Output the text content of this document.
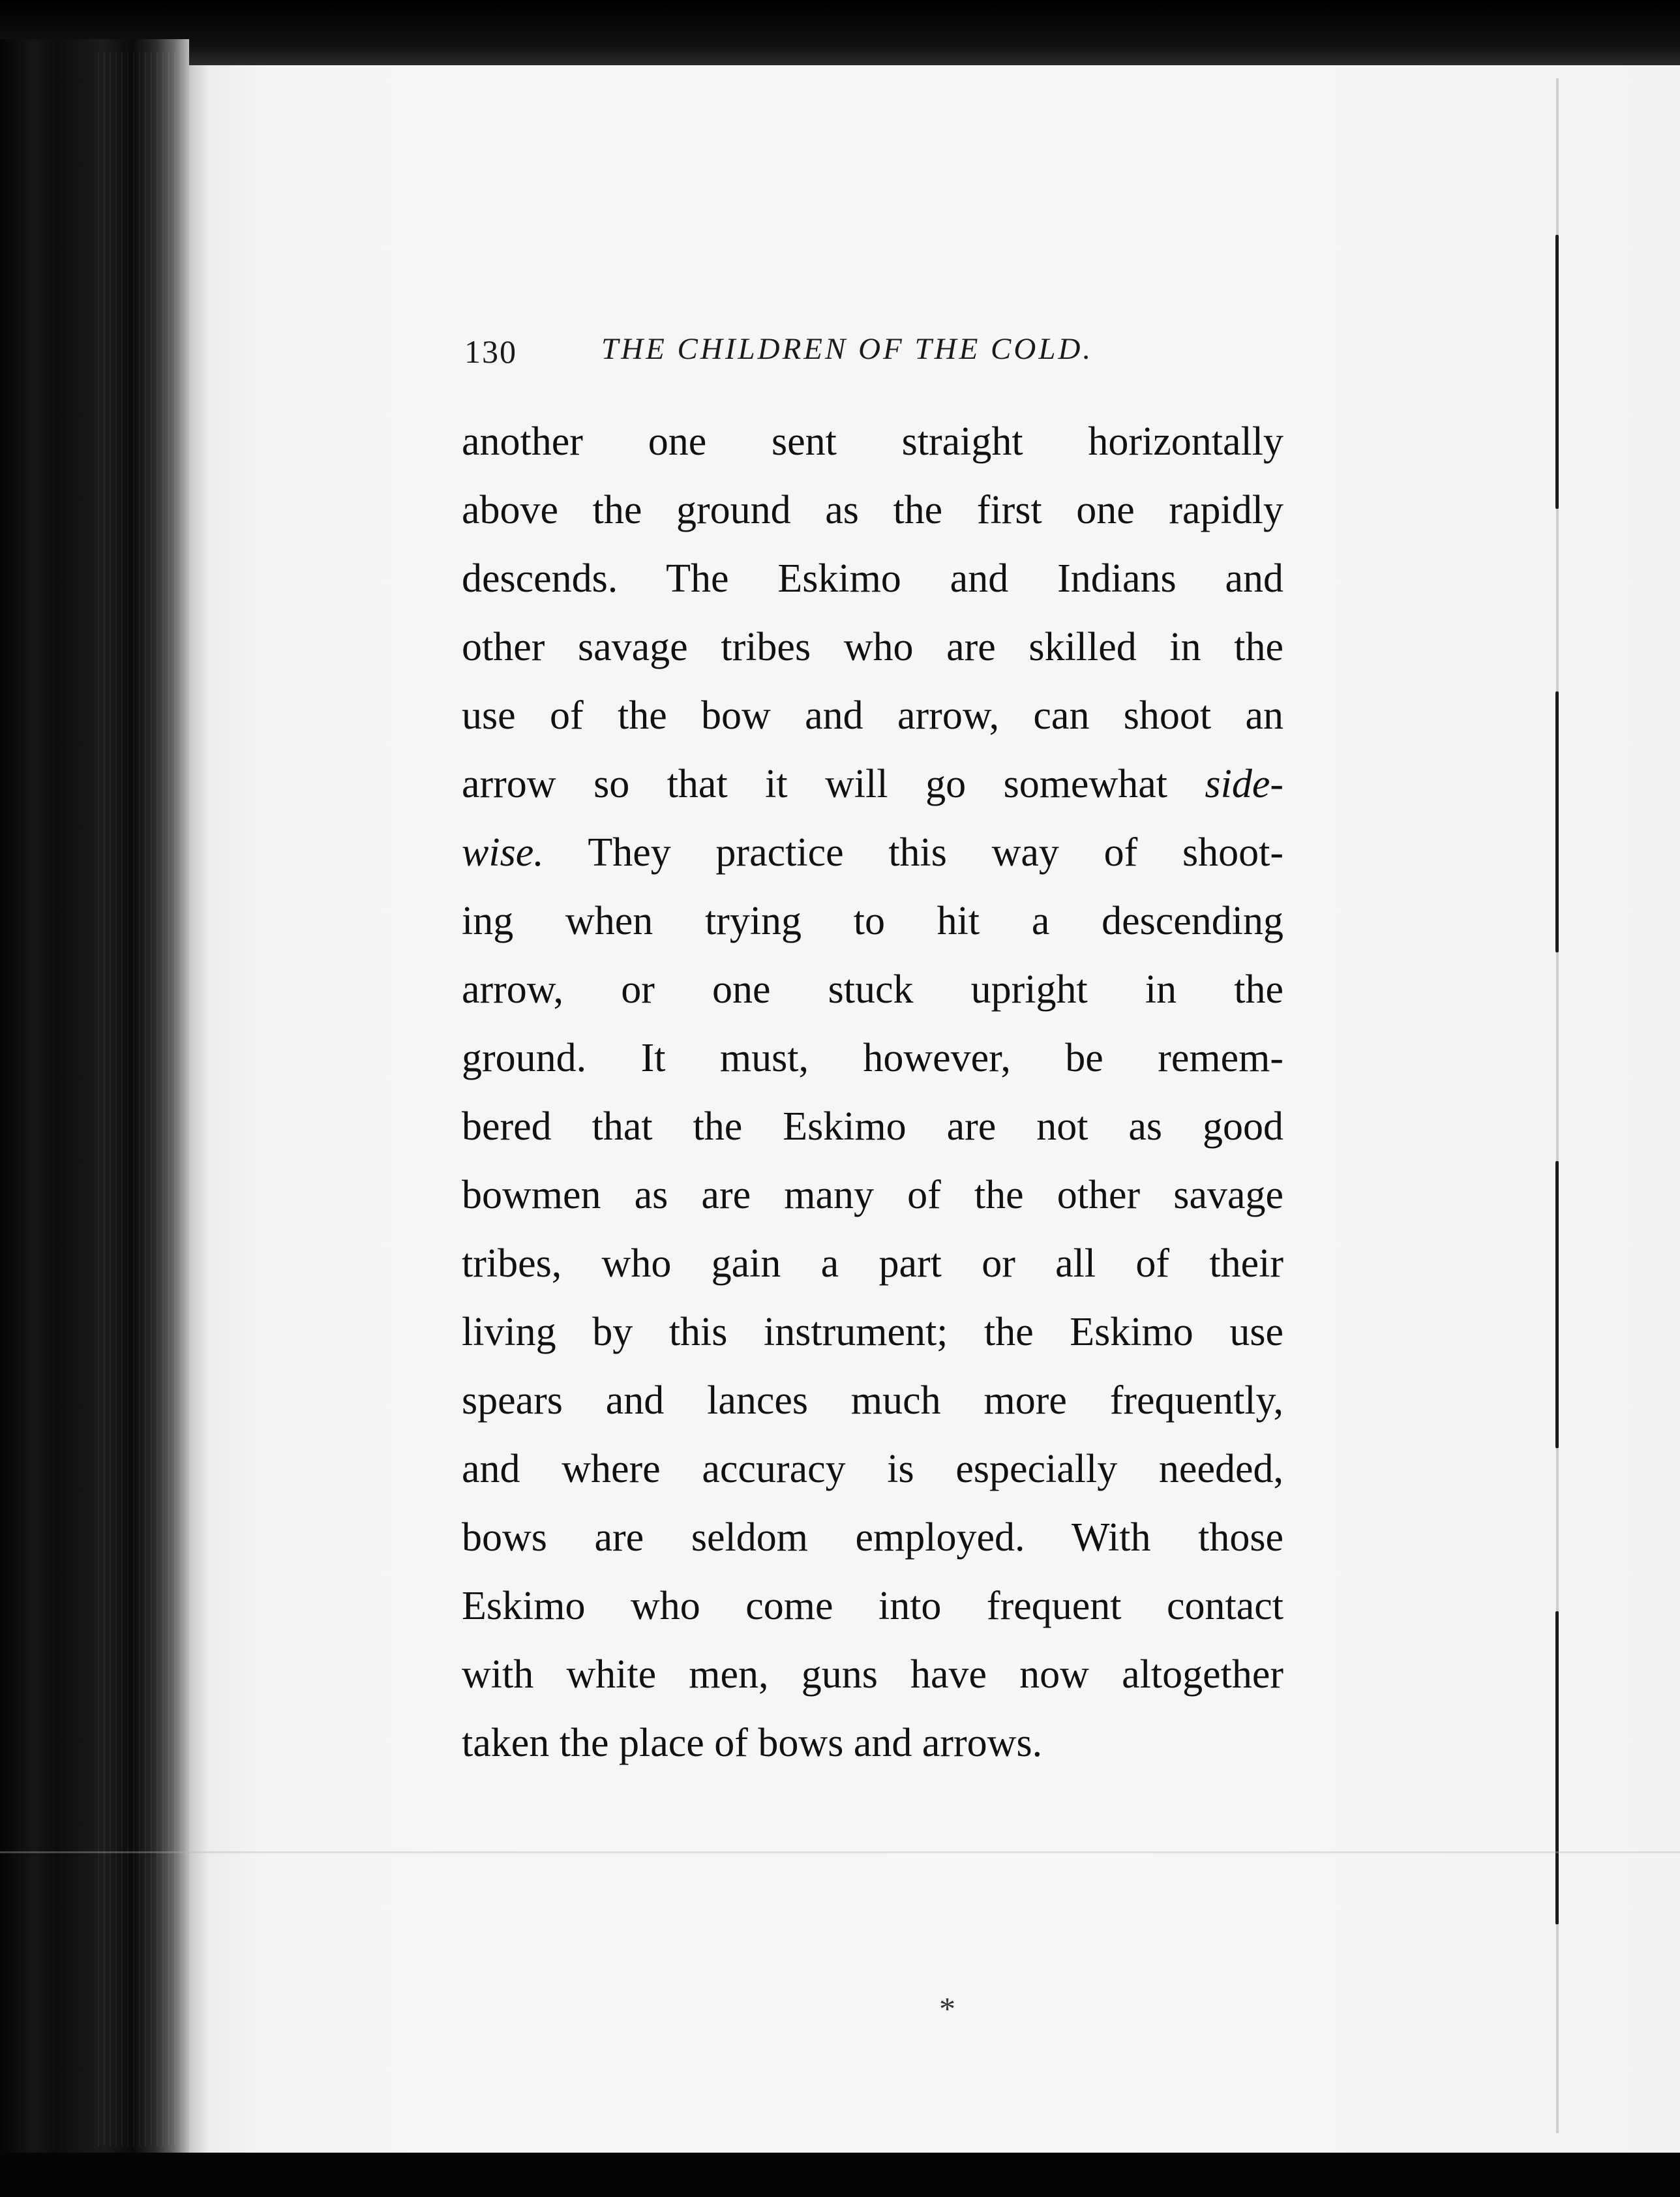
130	THE CHILDREN OF THE COLD.
another one sent straight horizontally
above the ground as the first one rapidly
descends. The Eskimo and Indians and
other savage tribes who are skilled in the
use of the bow and arrow, can shoot an
arrow so that it will go somewhat side-
wise. They practice this way of shoot-
ing when trying to hit a descending
arrow, or one stuck upright in the
ground. It must, however, be remem-
bered that the Eskimo are not as good
bowmen as are many of the other savage
tribes, who gain a part or all of their
living by this instrument; the Eskimo use
spears and lances much more frequently,
and where accuracy is especially needed,
bows are seldom employed. With those
Eskimo who come into frequent contact
with white men, guns have now altogether
taken the place of bows and arrows.
*
